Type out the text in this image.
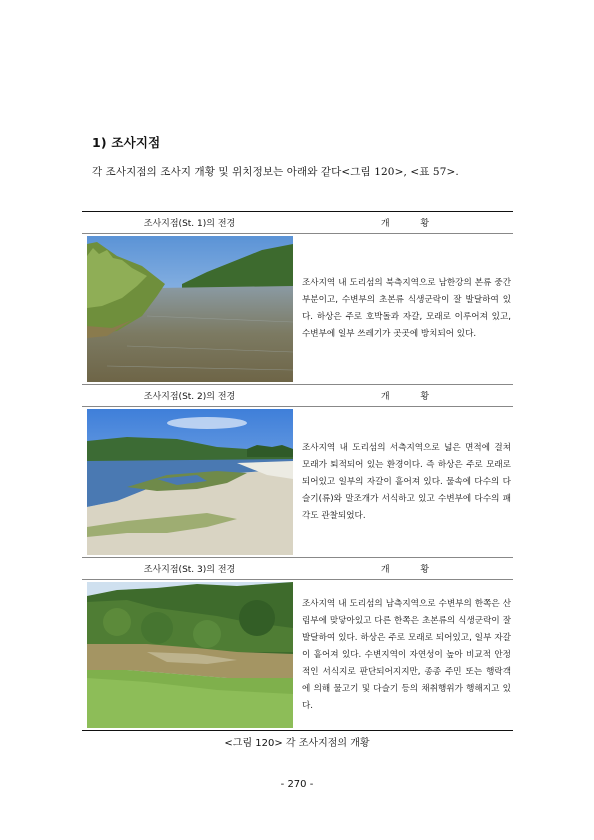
1) 조사지점
각 조사지점의 조사지 개황 및 위치정보는 아래와 같다<그림 120>, <표 57>.
조사지점(St. 1)의 전경	개 황
조사지역 내 도리섬의 북측지역으로 남한강의 본류 중간부분이고, 수변부의 초본류 식생군락이 잘 발달하여 있다. 하상은 주로 호박돌과 자갈, 모래로 이루어져 있고, 수변부에 일부 쓰레기가 곳곳에 방치되어 있다.
조사지점(St. 2)의 전경	개 황
조사지역 내 도리섬의 서측지역으로 넓은 면적에 걸쳐 모래가 퇴적되어 있는 환경이다. 즉 하상은 주로 모래로 되어있고 일부의 자갈이 흩어져 있다. 물속에 다수의 다슬기(류)와 말조개가 서식하고 있고 수변부에 다수의 패각도 관찰되었다.
조사지점(St. 3)의 전경	개 황
조사지역 내 도리섬의 남측지역으로 수변부의 한쪽은 산림부에 맞닿아있고 다른 한쪽은 초본류의 식생군락이 잘 발달하여 있다. 하상은 주로 모래로 되어있고, 일부 자갈이 흩어져 있다. 수변지역이 자연성이 높아 비교적 안정적인 서식지로 판단되어지지만, 종종 주민 또는 행락객에 의해 물고기 및 다슬기 등의 채취행위가 행해지고 있다.
<그림 120> 각 조사지점의 개황
- 270 -
